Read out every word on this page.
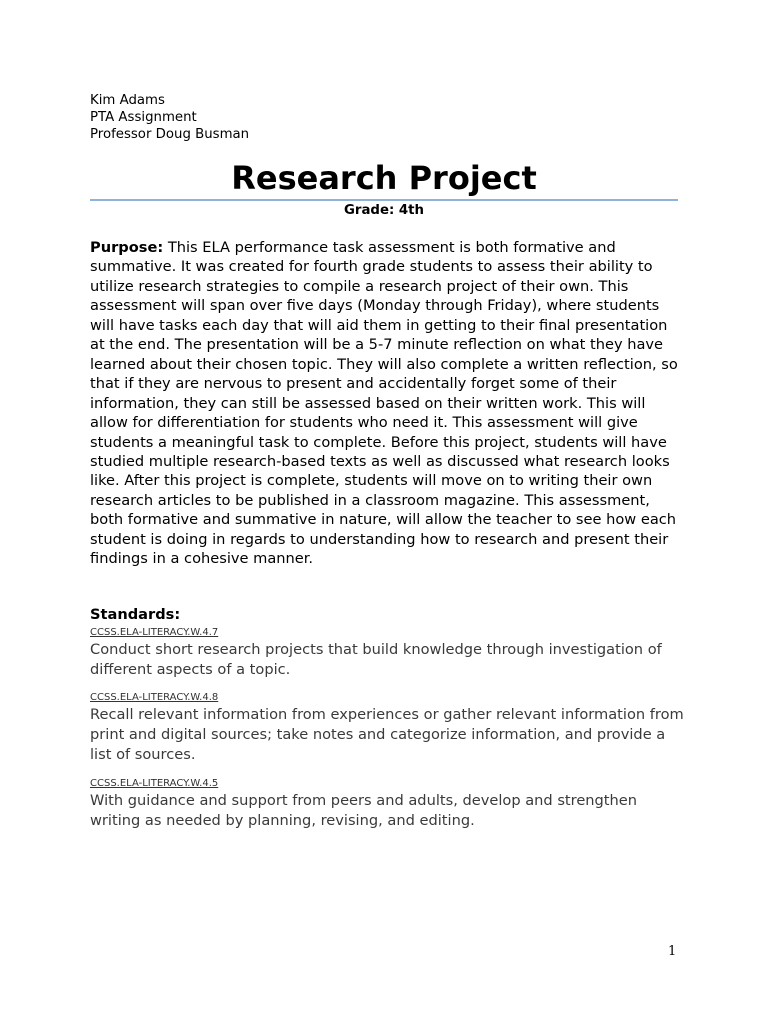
Kim Adams
PTA Assignment
Professor Doug Busman
Research Project
Grade: 4th

Purpose: This ELA performance task assessment is both formative and summative. It was created for fourth grade students to assess their ability to utilize research strategies to compile a research project of their own. This assessment will span over five days (Monday through Friday), where students will have tasks each day that will aid them in getting to their final presentation at the end. The presentation will be a 5-7 minute reflection on what they have learned about their chosen topic. They will also complete a written reflection, so that if they are nervous to present and accidentally forget some of their information, they can still be assessed based on their written work. This will allow for differentiation for students who need it. This assessment will give students a meaningful task to complete. Before this project, students will have studied multiple research-based texts as well as discussed what research looks like. After this project is complete, students will move on to writing their own research articles to be published in a classroom magazine. This assessment, both formative and summative in nature, will allow the teacher to see how each student is doing in regards to understanding how to research and present their findings in a cohesive manner.

Standards:
CCSS.ELA-LITERACY.W.4.7
Conduct short research projects that build knowledge through investigation of different aspects of a topic.
CCSS.ELA-LITERACY.W.4.8
Recall relevant information from experiences or gather relevant information from print and digital sources; take notes and categorize information, and provide a list of sources.
CCSS.ELA-LITERACY.W.4.5
With guidance and support from peers and adults, develop and strengthen writing as needed by planning, revising, and editing.
1
